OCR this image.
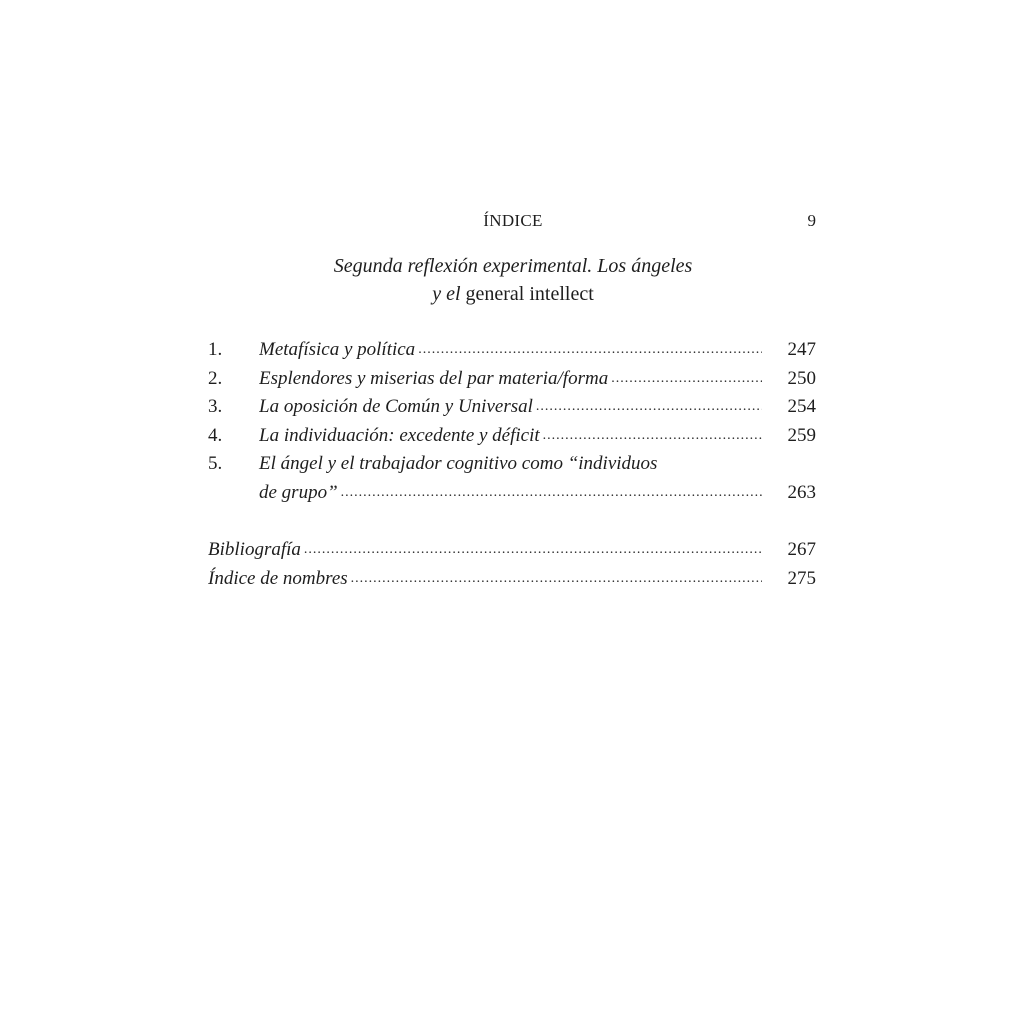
ÍNDICE	9
Segunda reflexión experimental. Los ángeles
y el general intellect
1.	Metafísica y política .....	247
2.	Esplendores y miserias del par materia/forma .....	250
3.	La oposición de Común y Universal .....	254
4.	La individuación: excedente y déficit .....	259
5.	El ángel y el trabajador cognitivo como “individuos
de grupo” .....	263
Bibliografía .....	267
Índice de nombres .....	275
